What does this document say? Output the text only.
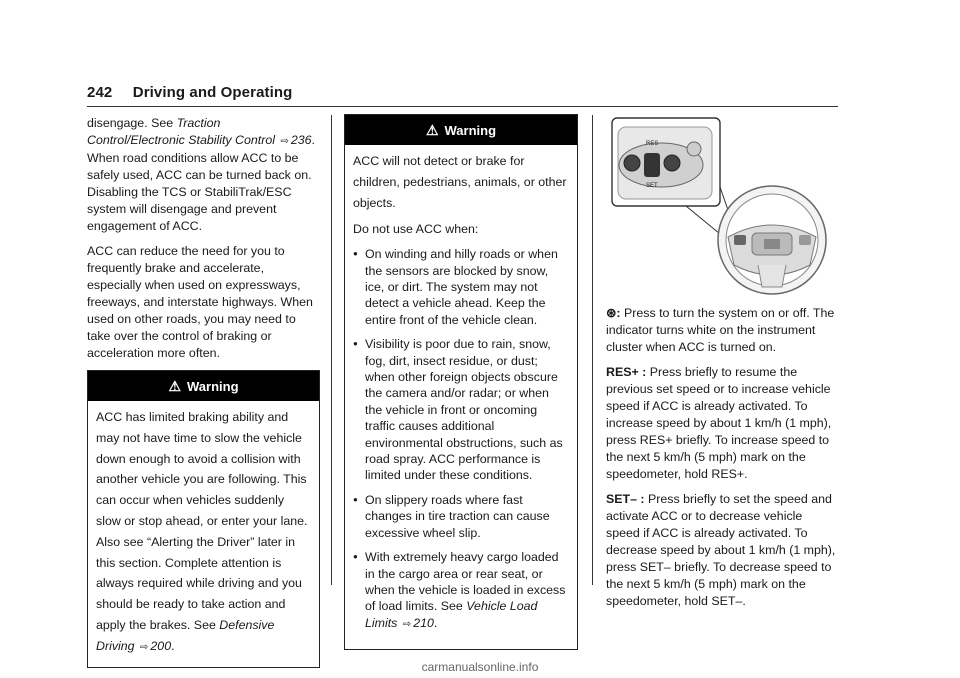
242 Driving and Operating

disengage. See Traction Control/Electronic Stability Control ⇨ 236. When road conditions allow ACC to be safely used, ACC can be turned back on. Disabling the TCS or StabiliTrak/ESC system will disengage and prevent engagement of ACC.

ACC can reduce the need for you to frequently brake and accelerate, especially when used on expressways, freeways, and interstate highways. When used on other roads, you may need to take over the control of braking or acceleration more often.

⚠ Warning
ACC has limited braking ability and may not have time to slow the vehicle down enough to avoid a collision with another vehicle you are following. This can occur when vehicles suddenly slow or stop ahead, or enter your lane. Also see “Alerting the Driver” later in this section. Complete attention is always required while driving and you should be ready to take action and apply the brakes. See Defensive Driving ⇨ 200.
⚠ Warning

ACC will not detect or brake for children, pedestrians, animals, or other objects.

Do not use ACC when:

● On winding and hilly roads or when the sensors are blocked by snow, ice, or dirt. The system may not detect a vehicle ahead. Keep the entire front of the vehicle clean.
● Visibility is poor due to rain, snow, fog, dirt, insect residue, or dust; when other foreign objects obscure the camera and/or radar; or when the vehicle in front or oncoming traffic causes additional environmental obstructions, such as road spray. ACC performance is limited under these conditions.
● On slippery roads where fast changes in tire traction can cause excessive wheel slip.
● With extremely heavy cargo loaded in the cargo area or rear seat, or when the vehicle is loaded in excess of load limits. See Vehicle Load Limits ⇨ 210.
RES
SET

⊛: Press to turn the system on or off. The indicator turns white on the instrument cluster when ACC is turned on.

RES+ : Press briefly to resume the previous set speed or to increase vehicle speed if ACC is already activated. To increase speed by about 1 km/h (1 mph), press RES+ briefly. To increase speed to the next 5 km/h (5 mph) mark on the speedometer, hold RES+.

SET– : Press briefly to set the speed and activate ACC or to decrease vehicle speed if ACC is already activated. To decrease speed by about 1 km/h (1 mph), press SET– briefly. To decrease speed to the next 5 km/h (5 mph) mark on the speedometer, hold SET–.

carmanualsonline.info
